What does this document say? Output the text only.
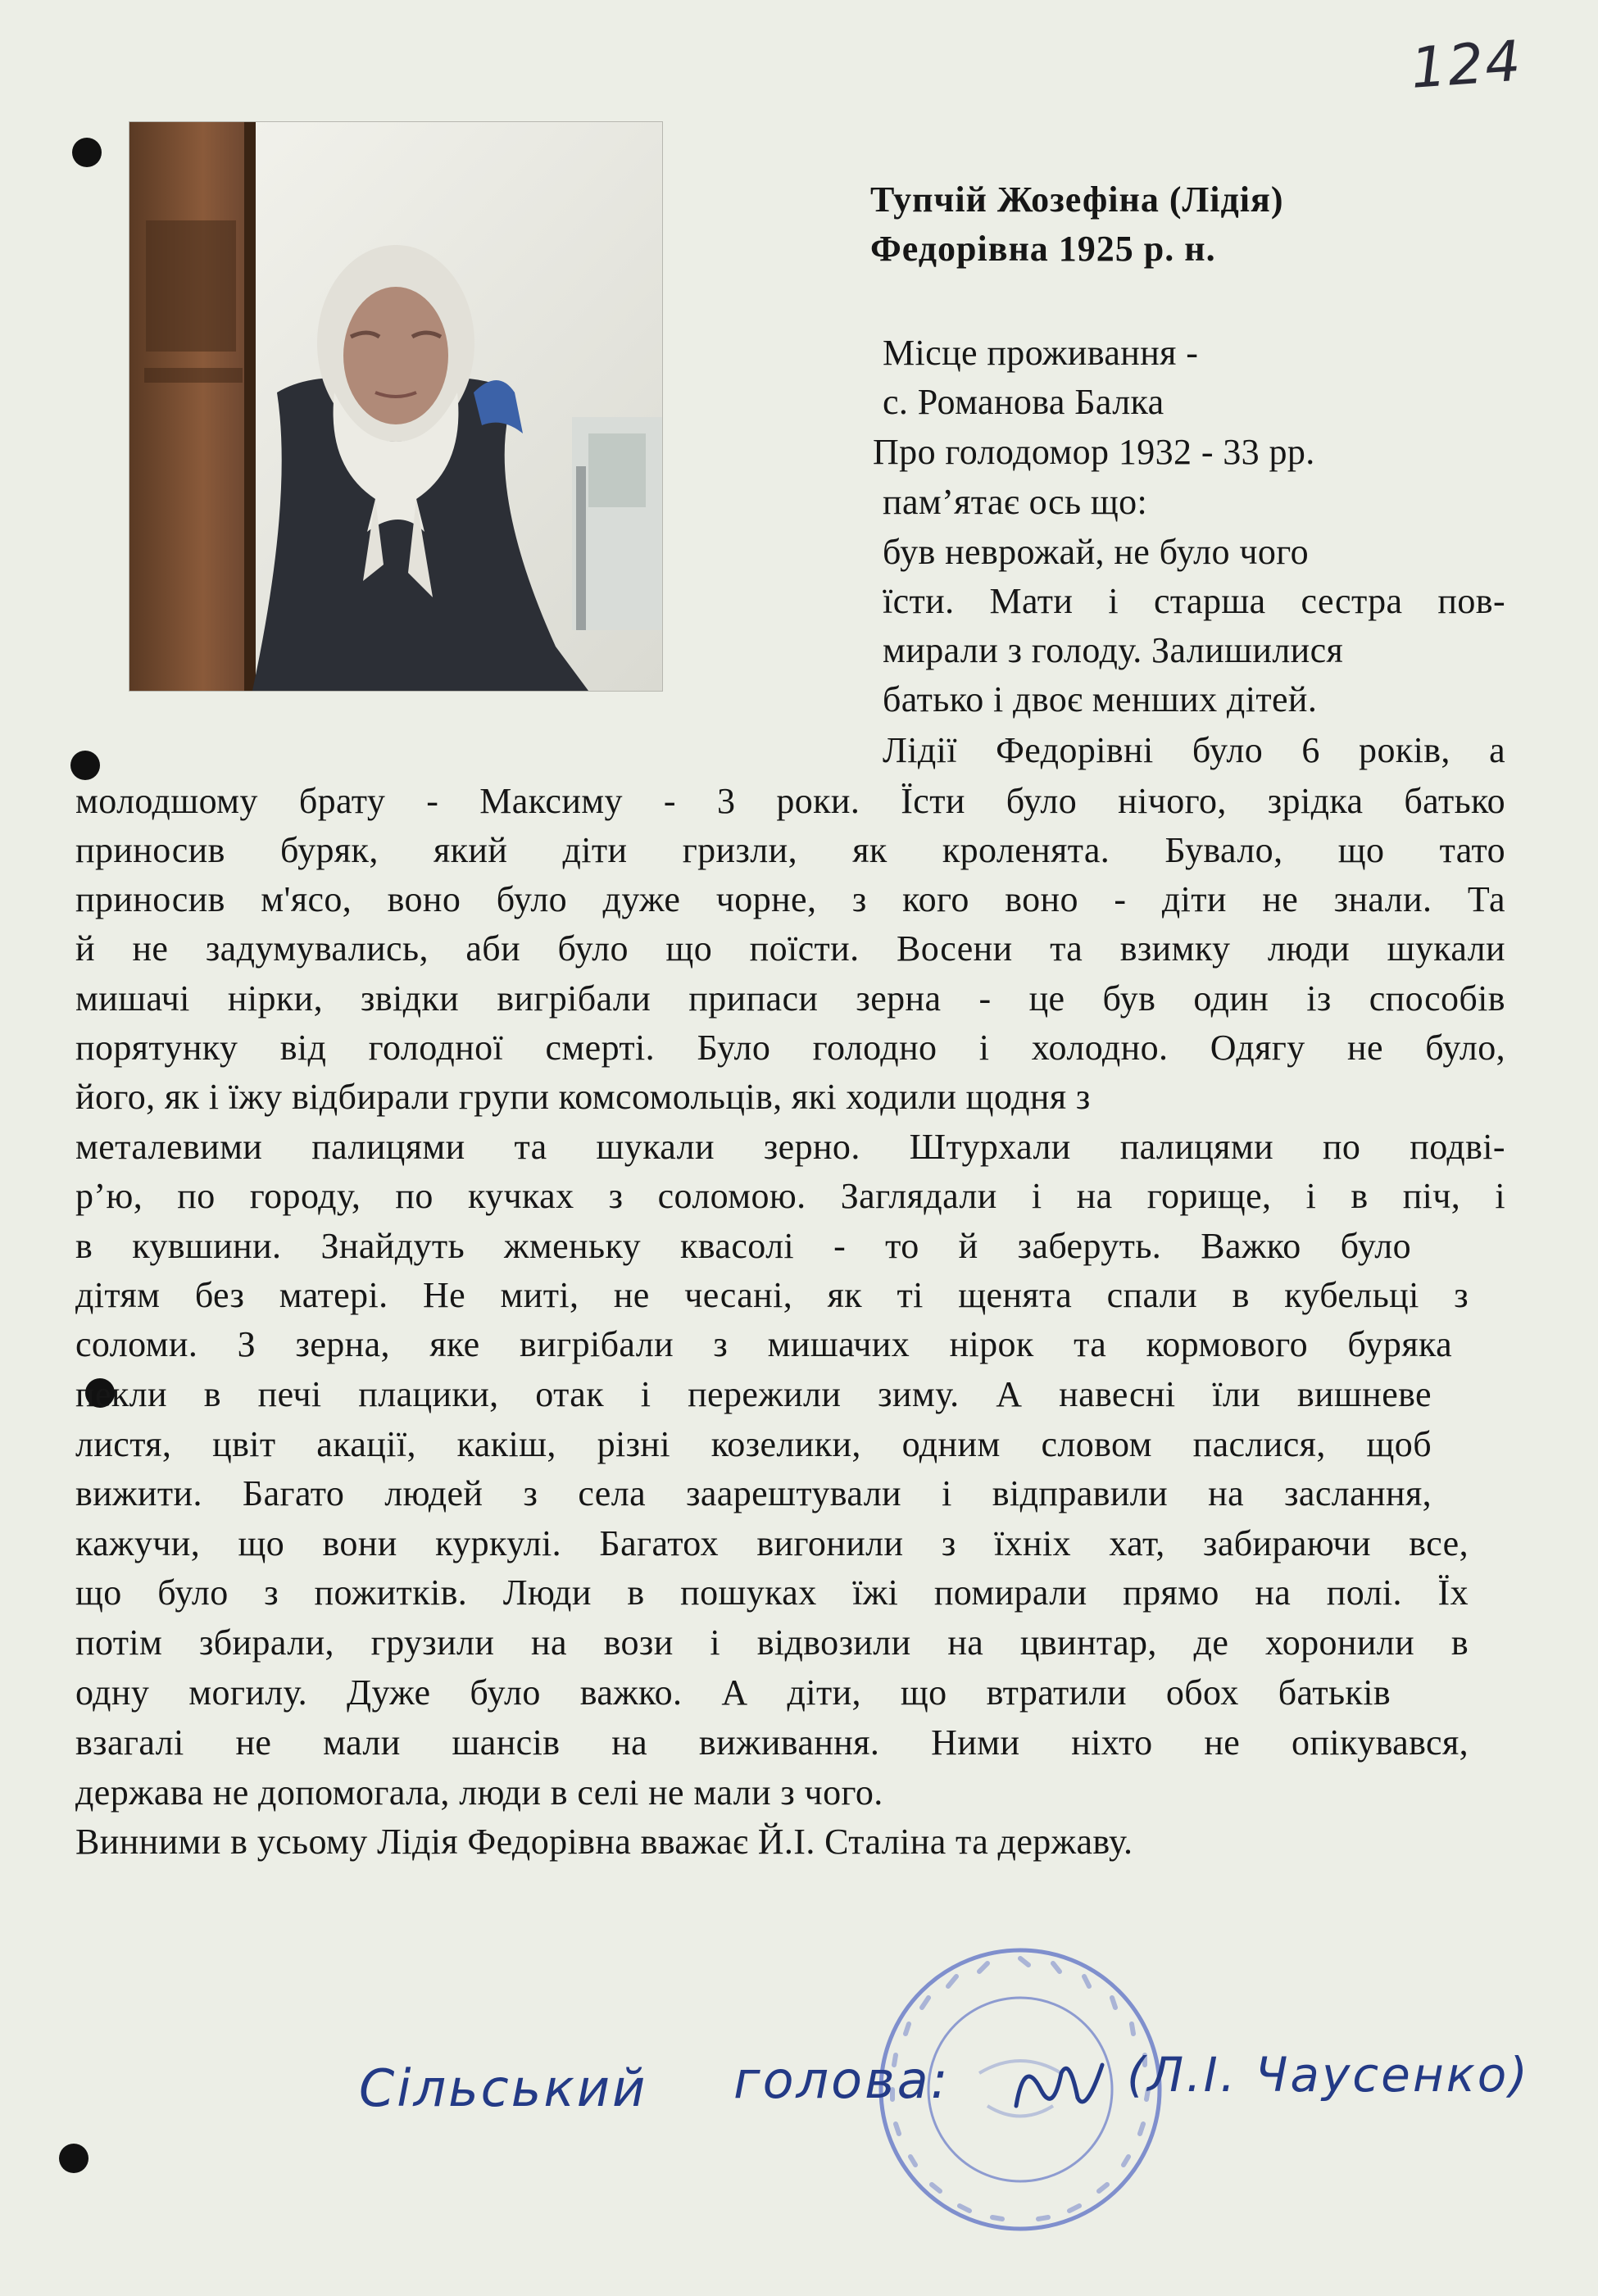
124
Тупчій Жозефіна (Лідія)
Федорівна 1925 р. н.
Місце проживання -
с. Романова Балка
Про голодомор 1932 - 33 рр.
пам’ятає ось що:
був неврожай, не було чого
їсти. Мати і старша сестра пов-
мирали з голоду. Залишилися
батько і двоє менших дітей.
Лідії Федорівні було 6 років, а
молодшому брату - Максиму - 3 роки. Їсти було нічого, зрідка батько
приносив буряк, який діти гризли, як кроленята. Бувало, що тато
приносив м'ясо, воно було дуже чорне, з кого воно - діти не знали. Та
й не задумувались, аби було що поїсти. Восени та взимку люди шукали
мишачі нірки, звідки вигрібали припаси зерна - це був один із способів
порятунку від голодної смерті. Було голодно і холодно. Одягу не було,
його, як і їжу відбирали групи комсомольців, які ходили щодня з
металевими палицями та шукали зерно. Штурхали палицями по подві-
р’ю, по городу, по кучках з соломою. Заглядали і на горище, і в піч, і
в кувшини. Знайдуть жменьку квасолі - то й заберуть. Важко було
дітям без матері. Не миті, не чесані, як ті щенята спали в кубельці з
соломи. З зерна, яке вигрібали з мишачих нірок та кормового буряка
пекли в печі плацики, отак і пережили зиму. А навесні їли вишневе
листя, цвіт акації, какіш, різні козелики, одним словом паслися, щоб
вижити. Багато людей з села заарештували і відправили на заслання,
кажучи, що вони куркулі. Багатох вигонили з їхніх хат, забираючи все,
що було з пожитків. Люди в пошуках їжі помирали прямо на полі. Їх
потім збирали, грузили на вози і відвозили на цвинтар, де хоронили в
одну могилу. Дуже було важко. А діти, що втратили обох батьків
взагалі не мали шансів на виживання. Ними ніхто не опікувався,
держава не допомогала, люди в селі не мали з чого.
Винними в усьому Лідія Федорівна вважає Й.І. Сталіна та державу.
Сільський голова:	(Л.І. Чаусенко)
